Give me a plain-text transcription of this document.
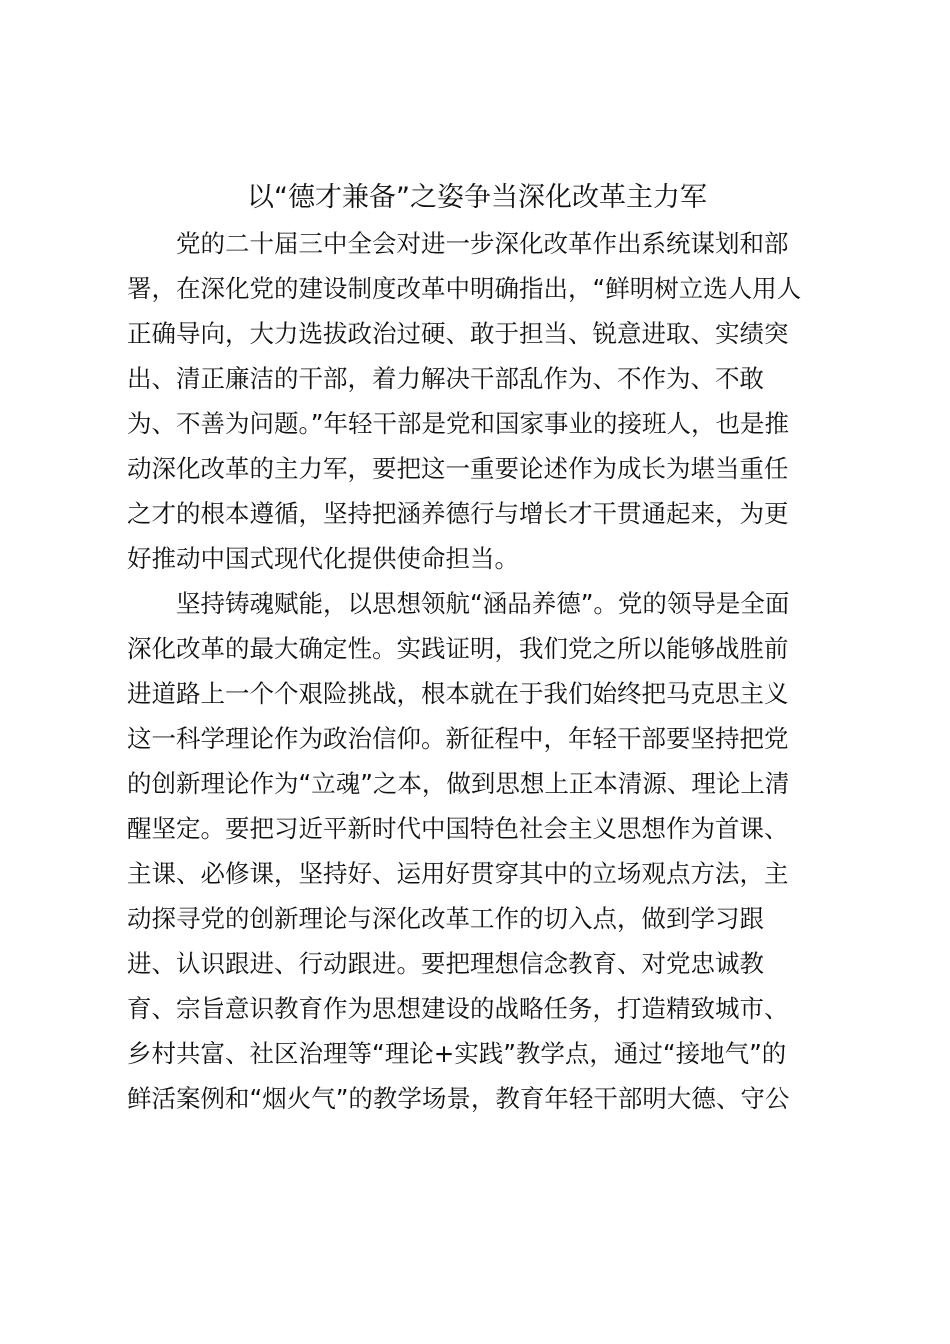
以“德才兼备”之姿争当深化改革主力军

党的二十届三中全会对进一步深化改革作出系统谋划和部
署，在深化党的建设制度改革中明确指出，“鲜明树立选人用人
正确导向，大力选拔政治过硬、敢于担当、锐意进取、实绩突
出、清正廉洁的干部，着力解决干部乱作为、不作为、不敢
为、不善为问题。”年轻干部是党和国家事业的接班人，也是推
动深化改革的主力军，要把这一重要论述作为成长为堪当重任
之才的根本遵循，坚持把涵养德行与增长才干贯通起来，为更
好推动中国式现代化提供使命担当。

坚持铸魂赋能，以思想领航“涵品养德”。党的领导是全面
深化改革的最大确定性。实践证明，我们党之所以能够战胜前
进道路上一个个艰险挑战，根本就在于我们始终把马克思主义
这一科学理论作为政治信仰。新征程中，年轻干部要坚持把党
的创新理论作为“立魂”之本，做到思想上正本清源、理论上清
醒坚定。要把习近平新时代中国特色社会主义思想作为首课、
主课、必修课，坚持好、运用好贯穿其中的立场观点方法，主
动探寻党的创新理论与深化改革工作的切入点，做到学习跟
进、认识跟进、行动跟进。要把理想信念教育、对党忠诚教
育、宗旨意识教育作为思想建设的战略任务，打造精致城市、
乡村共富、社区治理等“理论+实践”教学点，通过“接地气”的
鲜活案例和“烟火气”的教学场景，教育年轻干部明大德、守公
